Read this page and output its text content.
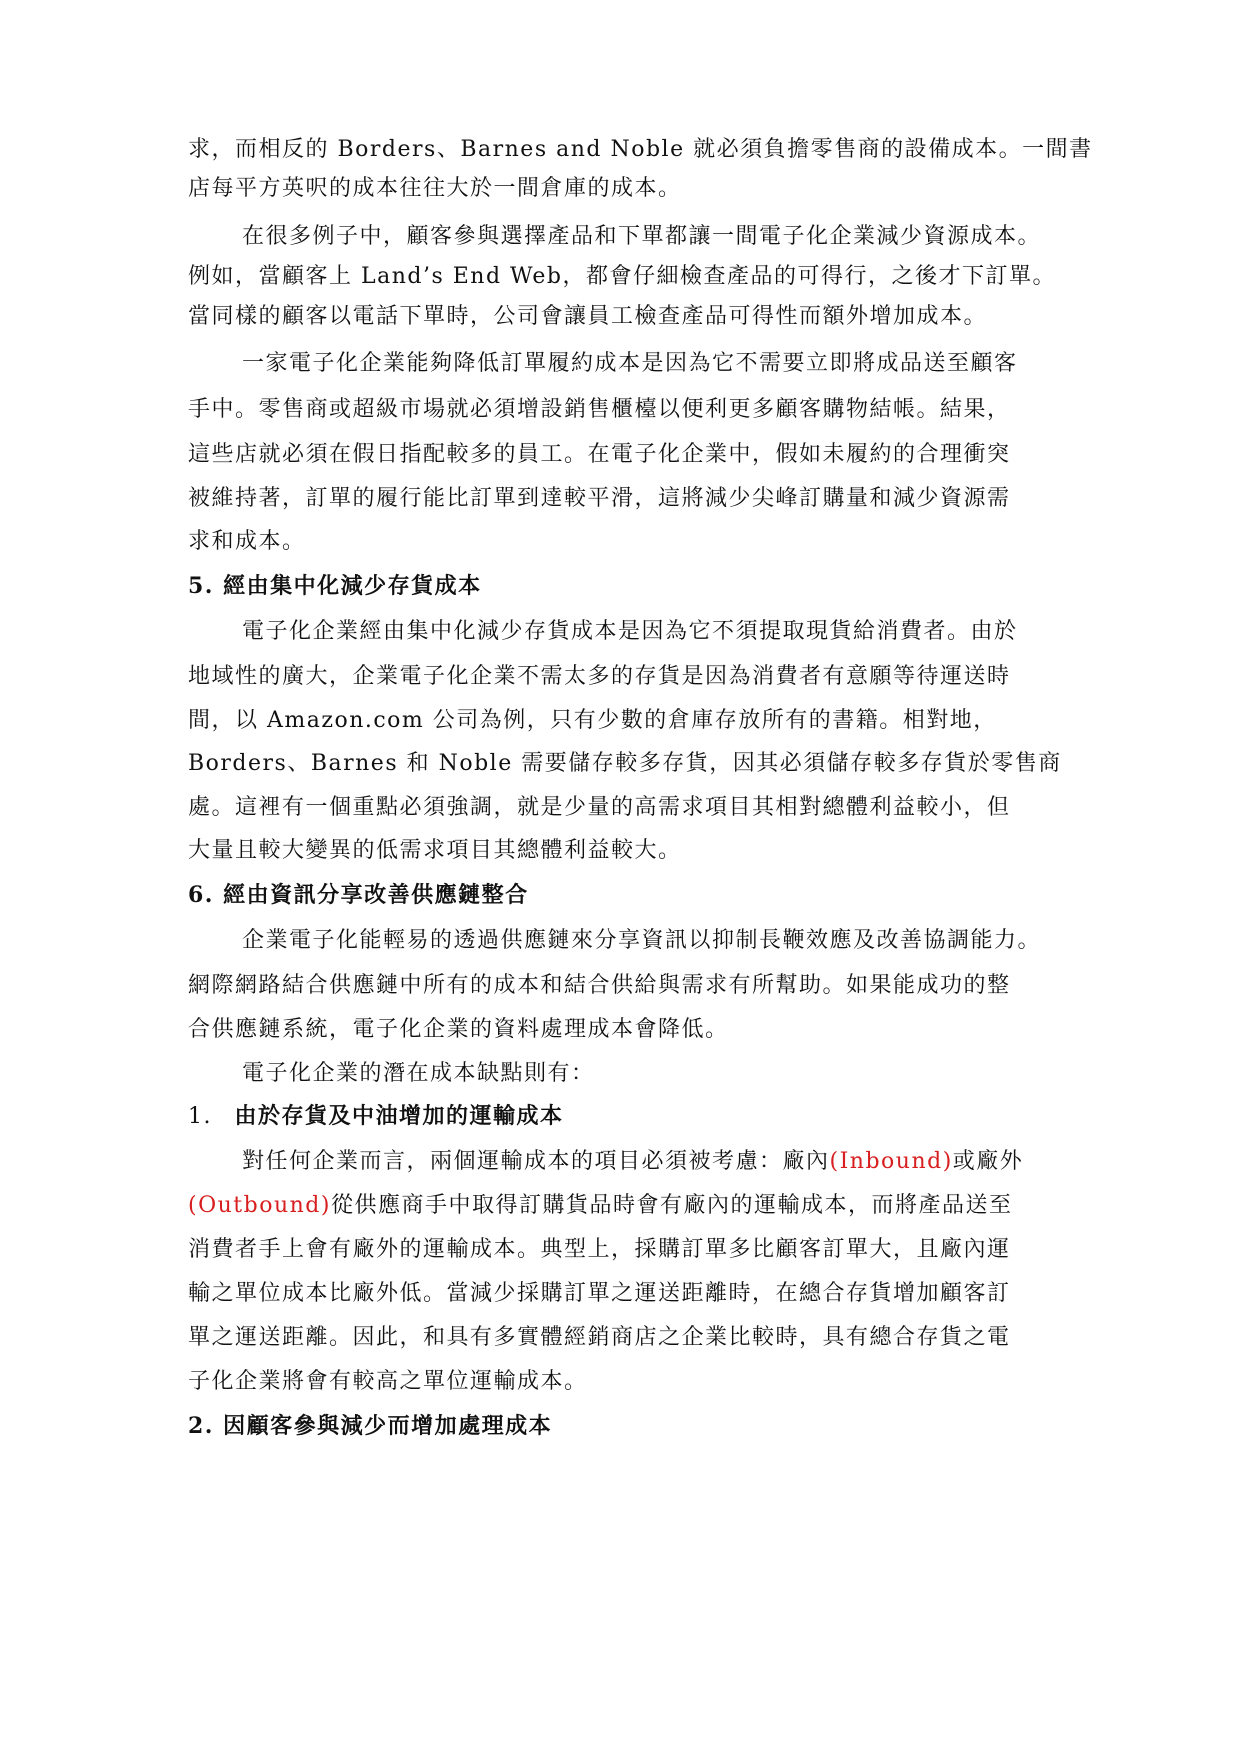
求，而相反的 Borders、Barnes and Noble 就必須負擔零售商的設備成本。一間書
店每平方英呎的成本往往大於一間倉庫的成本。
在很多例子中，顧客參與選擇產品和下單都讓一間電子化企業減少資源成本。
例如，當顧客上 Land’s End Web，都會仔細檢查產品的可得行，之後才下訂單。
當同樣的顧客以電話下單時，公司會讓員工檢查產品可得性而額外增加成本。
一家電子化企業能夠降低訂單履約成本是因為它不需要立即將成品送至顧客
手中。零售商或超級市場就必須增設銷售櫃檯以便利更多顧客購物結帳。結果，
這些店就必須在假日指配較多的員工。在電子化企業中，假如未履約的合理衝突
被維持著，訂單的履行能比訂單到達較平滑，這將減少尖峰訂購量和減少資源需
求和成本。
5. 經由集中化減少存貨成本
電子化企業經由集中化減少存貨成本是因為它不須提取現貨給消費者。由於
地域性的廣大，企業電子化企業不需太多的存貨是因為消費者有意願等待運送時
間，以 Amazon.com 公司為例，只有少數的倉庫存放所有的書籍。相對地，
Borders、Barnes 和 Noble 需要儲存較多存貨，因其必須儲存較多存貨於零售商
處。這裡有一個重點必須強調，就是少量的高需求項目其相對總體利益較小，但
大量且較大變異的低需求項目其總體利益較大。
6. 經由資訊分享改善供應鏈整合
企業電子化能輕易的透過供應鏈來分享資訊以抑制長鞭效應及改善協調能力。
網際網路結合供應鏈中所有的成本和結合供給與需求有所幫助。如果能成功的整
合供應鏈系統，電子化企業的資料處理成本會降低。
電子化企業的潛在成本缺點則有：
1. 由於存貨及中油增加的運輸成本
對任何企業而言，兩個運輸成本的項目必須被考慮：廠內(Inbound)或廠外
(Outbound)從供應商手中取得訂購貨品時會有廠內的運輸成本，而將產品送至
消費者手上會有廠外的運輸成本。典型上，採購訂單多比顧客訂單大，且廠內運
輸之單位成本比廠外低。當減少採購訂單之運送距離時，在總合存貨增加顧客訂
單之運送距離。因此，和具有多實體經銷商店之企業比較時，具有總合存貨之電
子化企業將會有較高之單位運輸成本。
2. 因顧客參與減少而增加處理成本
